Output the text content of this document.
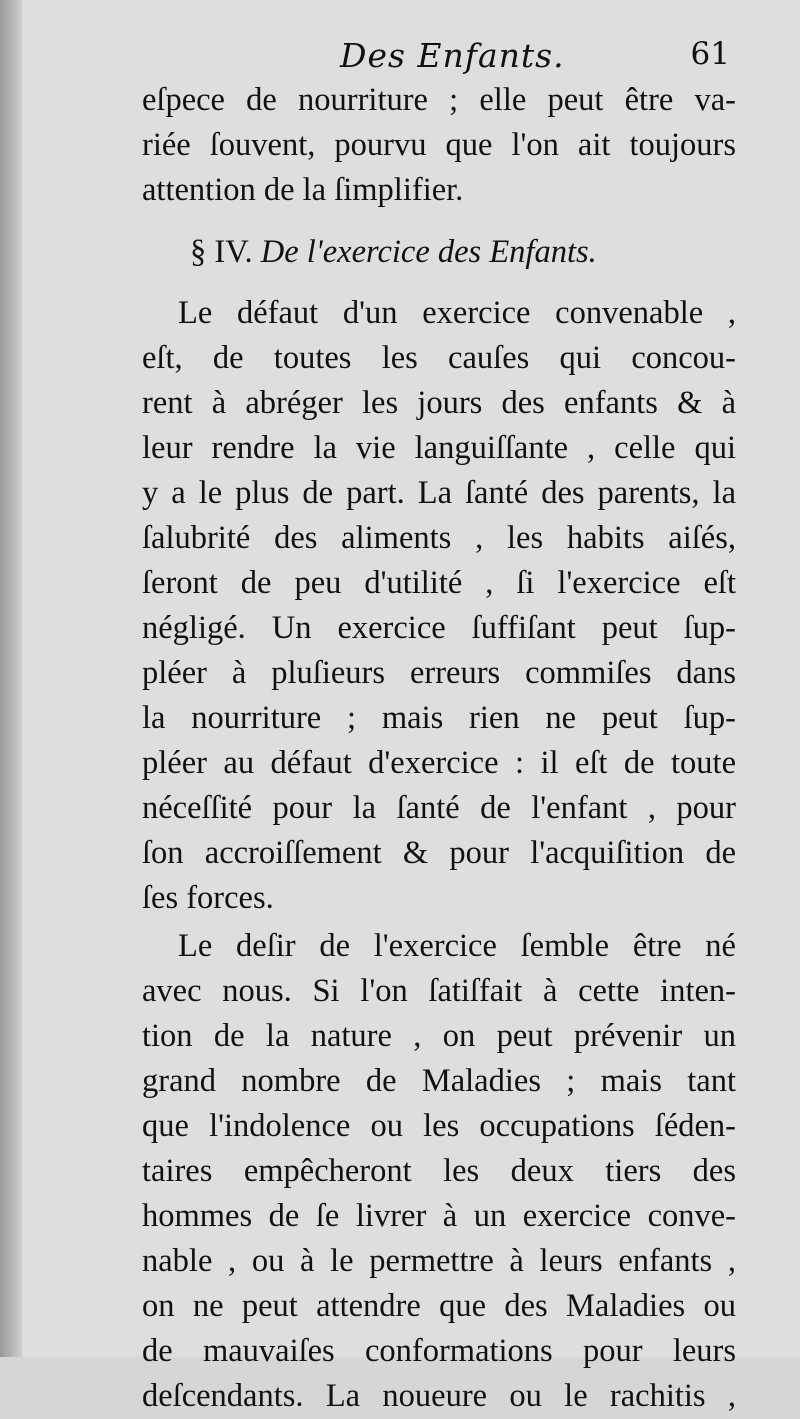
Des Enfants.	61
eſpece de nourriture ; elle peut être va-
riée ſouvent, pourvu que l'on ait toujours
attention de la ſimplifier.
§ IV. De l'exercice des Enfants.
Le défaut d'un exercice convenable ,
eſt, de toutes les cauſes qui concou-
rent à abréger les jours des enfants & à
leur rendre la vie languiſſante , celle qui
y a le plus de part. La ſanté des parents, la
ſalubrité des aliments , les habits aiſés,
ſeront de peu d'utilité , ſi l'exercice eſt
négligé. Un exercice ſuffiſant peut ſup-
pléer à pluſieurs erreurs commiſes dans
la nourriture ; mais rien ne peut ſup-
pléer au défaut d'exercice : il eſt de toute
néceſſité pour la ſanté de l'enfant , pour
ſon accroiſſement & pour l'acquiſition de
ſes forces.
Le deſir de l'exercice ſemble être né
avec nous. Si l'on ſatiſfait à cette inten-
tion de la nature , on peut prévenir un
grand nombre de Maladies ; mais tant
que l'indolence ou les occupations ſéden-
taires empêcheront les deux tiers des
hommes de ſe livrer à un exercice conve-
nable , ou à le permettre à leurs enfants ,
on ne peut attendre que des Maladies ou
de mauvaiſes conformations pour leurs
deſcendants. La noueure ou le rachitis ,
